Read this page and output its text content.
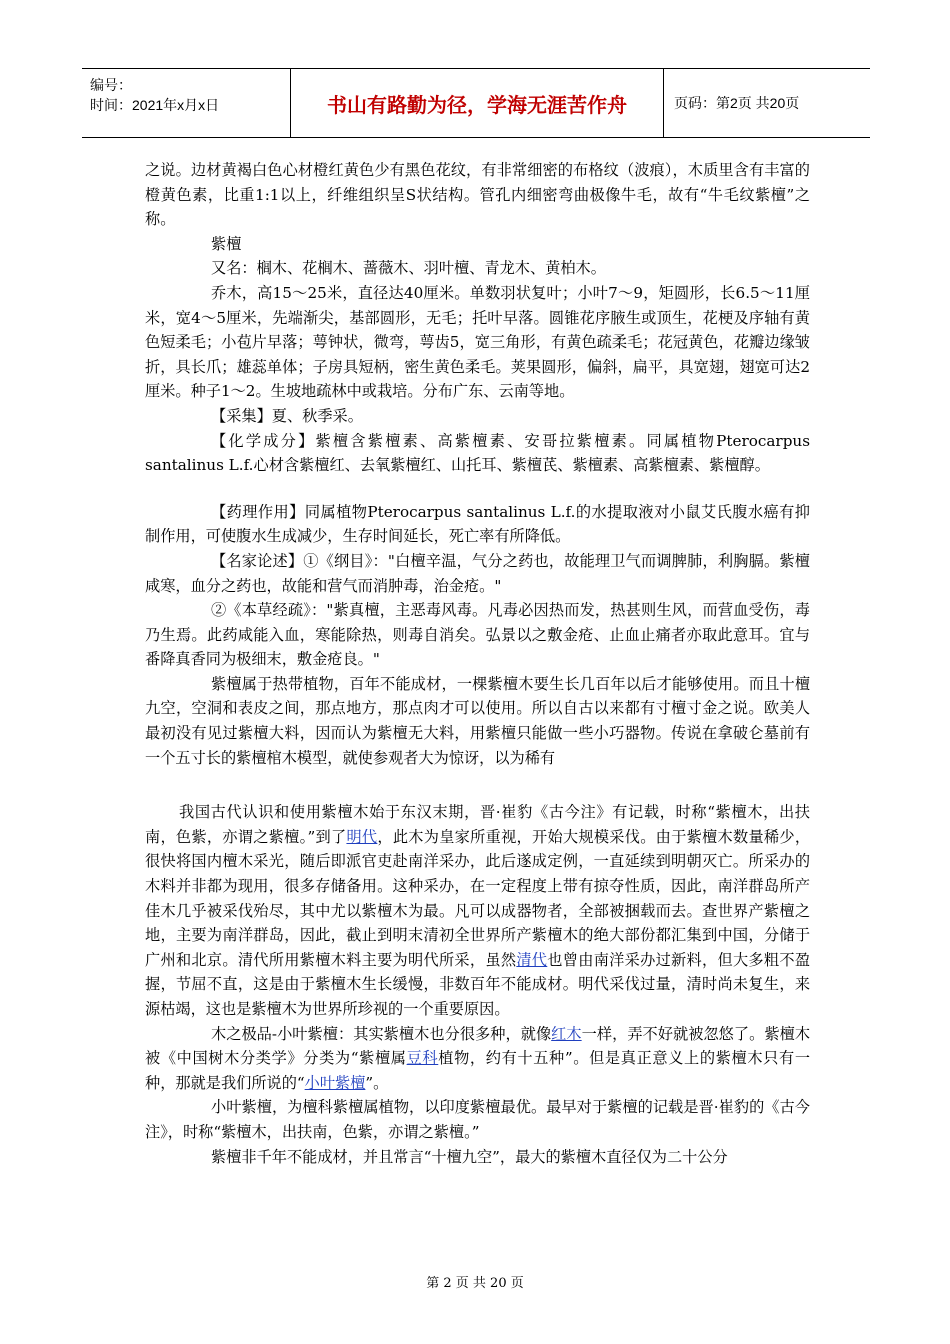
编号：
时间：2021年x月x日	书山有路勤为径，学海无涯苦作舟	页码：第2页 共20页

之说。边材黄褐白色心材橙红黄色少有黑色花纹，有非常细密的布格纹（波痕），木质里含有丰富的橙黄色素，比重1:1以上，纤维组织呈S状结构。管孔内细密弯曲极像牛毛，故有“牛毛纹紫檀”之称。

紫檀

又名：榈木、花榈木、蔷薇木、羽叶檀、青龙木、黄柏木。

乔木，高15～25米，直径达40厘米。单数羽状复叶；小叶7～9，矩圆形，长6.5～11厘米，宽4～5厘米，先端渐尖，基部圆形，无毛；托叶早落。圆锥花序腋生或顶生，花梗及序轴有黄色短柔毛；小苞片早落；萼钟状，微弯，萼齿5，宽三角形，有黄色疏柔毛；花冠黄色，花瓣边缘皱折，具长爪；雄蕊单体；子房具短柄，密生黄色柔毛。荚果圆形，偏斜，扁平，具宽翅，翅宽可达2厘米。种子1～2。生坡地疏林中或栽培。分布广东、云南等地。

【采集】夏、秋季采。

【化学成分】紫檀含紫檀素、高紫檀素、安哥拉紫檀素。同属植物Pterocarpus santalinus L.f.心材含紫檀红、去氧紫檀红、山托耳、紫檀芪、紫檀素、高紫檀素、紫檀醇。

【药理作用】同属植物Pterocarpus santalinus L.f.的水提取液对小鼠艾氏腹水癌有抑制作用，可使腹水生成减少，生存时间延长，死亡率有所降低。

【名家论述】①《纲目》："白檀辛温，气分之药也，故能理卫气而调脾肺，利胸膈。紫檀咸寒，血分之药也，故能和营气而消肿毒，治金疮。"

②《本草经疏》："紫真檀，主恶毒风毒。凡毒必因热而发，热甚则生风，而营血受伤，毒乃生焉。此药咸能入血，寒能除热，则毒自消矣。弘景以之敷金疮、止血止痛者亦取此意耳。宜与番降真香同为极细末，敷金疮良。"

紫檀属于热带植物，百年不能成材，一棵紫檀木要生长几百年以后才能够使用。而且十檀九空，空洞和表皮之间，那点地方，那点肉才可以使用。所以自古以来都有寸檀寸金之说。欧美人最初没有见过紫檀大料，因而认为紫檀无大料，用紫檀只能做一些小巧器物。传说在拿破仑墓前有一个五寸长的紫檀棺木模型，就使参观者大为惊讶，以为稀有

我国古代认识和使用紫檀木始于东汉末期，晋·崔豹《古今注》有记载，时称“紫檀木，出扶南，色紫，亦谓之紫檀。”到了明代，此木为皇家所重视，开始大规模采伐。由于紫檀木数量稀少，很快将国内檀木采光，随后即派官吏赴南洋采办，此后遂成定例，一直延续到明朝灭亡。所采办的木料并非都为现用，很多存储备用。这种采办，在一定程度上带有掠夺性质，因此，南洋群岛所产佳木几乎被采伐殆尽，其中尤以紫檀木为最。凡可以成器物者，全部被捆载而去。查世界产紫檀之地，主要为南洋群岛，因此，截止到明末清初全世界所产紫檀木的绝大部份都汇集到中国，分储于广州和北京。清代所用紫檀木料主要为明代所采，虽然清代也曾由南洋采办过新料，但大多粗不盈握，节屈不直，这是由于紫檀木生长缓慢，非数百年不能成材。明代采伐过量，清时尚未复生，来源枯竭，这也是紫檀木为世界所珍视的一个重要原因。

木之极品-小叶紫檀：其实紫檀木也分很多种，就像红木一样，弄不好就被忽悠了。紫檀木被《中国树木分类学》分类为“紫檀属豆科植物，约有十五种”。但是真正意义上的紫檀木只有一种，那就是我们所说的“小叶紫檀”。

小叶紫檀，为檀科紫檀属植物，以印度紫檀最优。最早对于紫檀的记载是晋·崔豹的《古今注》，时称“紫檀木，出扶南，色紫，亦谓之紫檀。”

紫檀非千年不能成材，并且常言“十檀九空”，最大的紫檀木直径仅为二十公分

第 2 页 共 20 页
